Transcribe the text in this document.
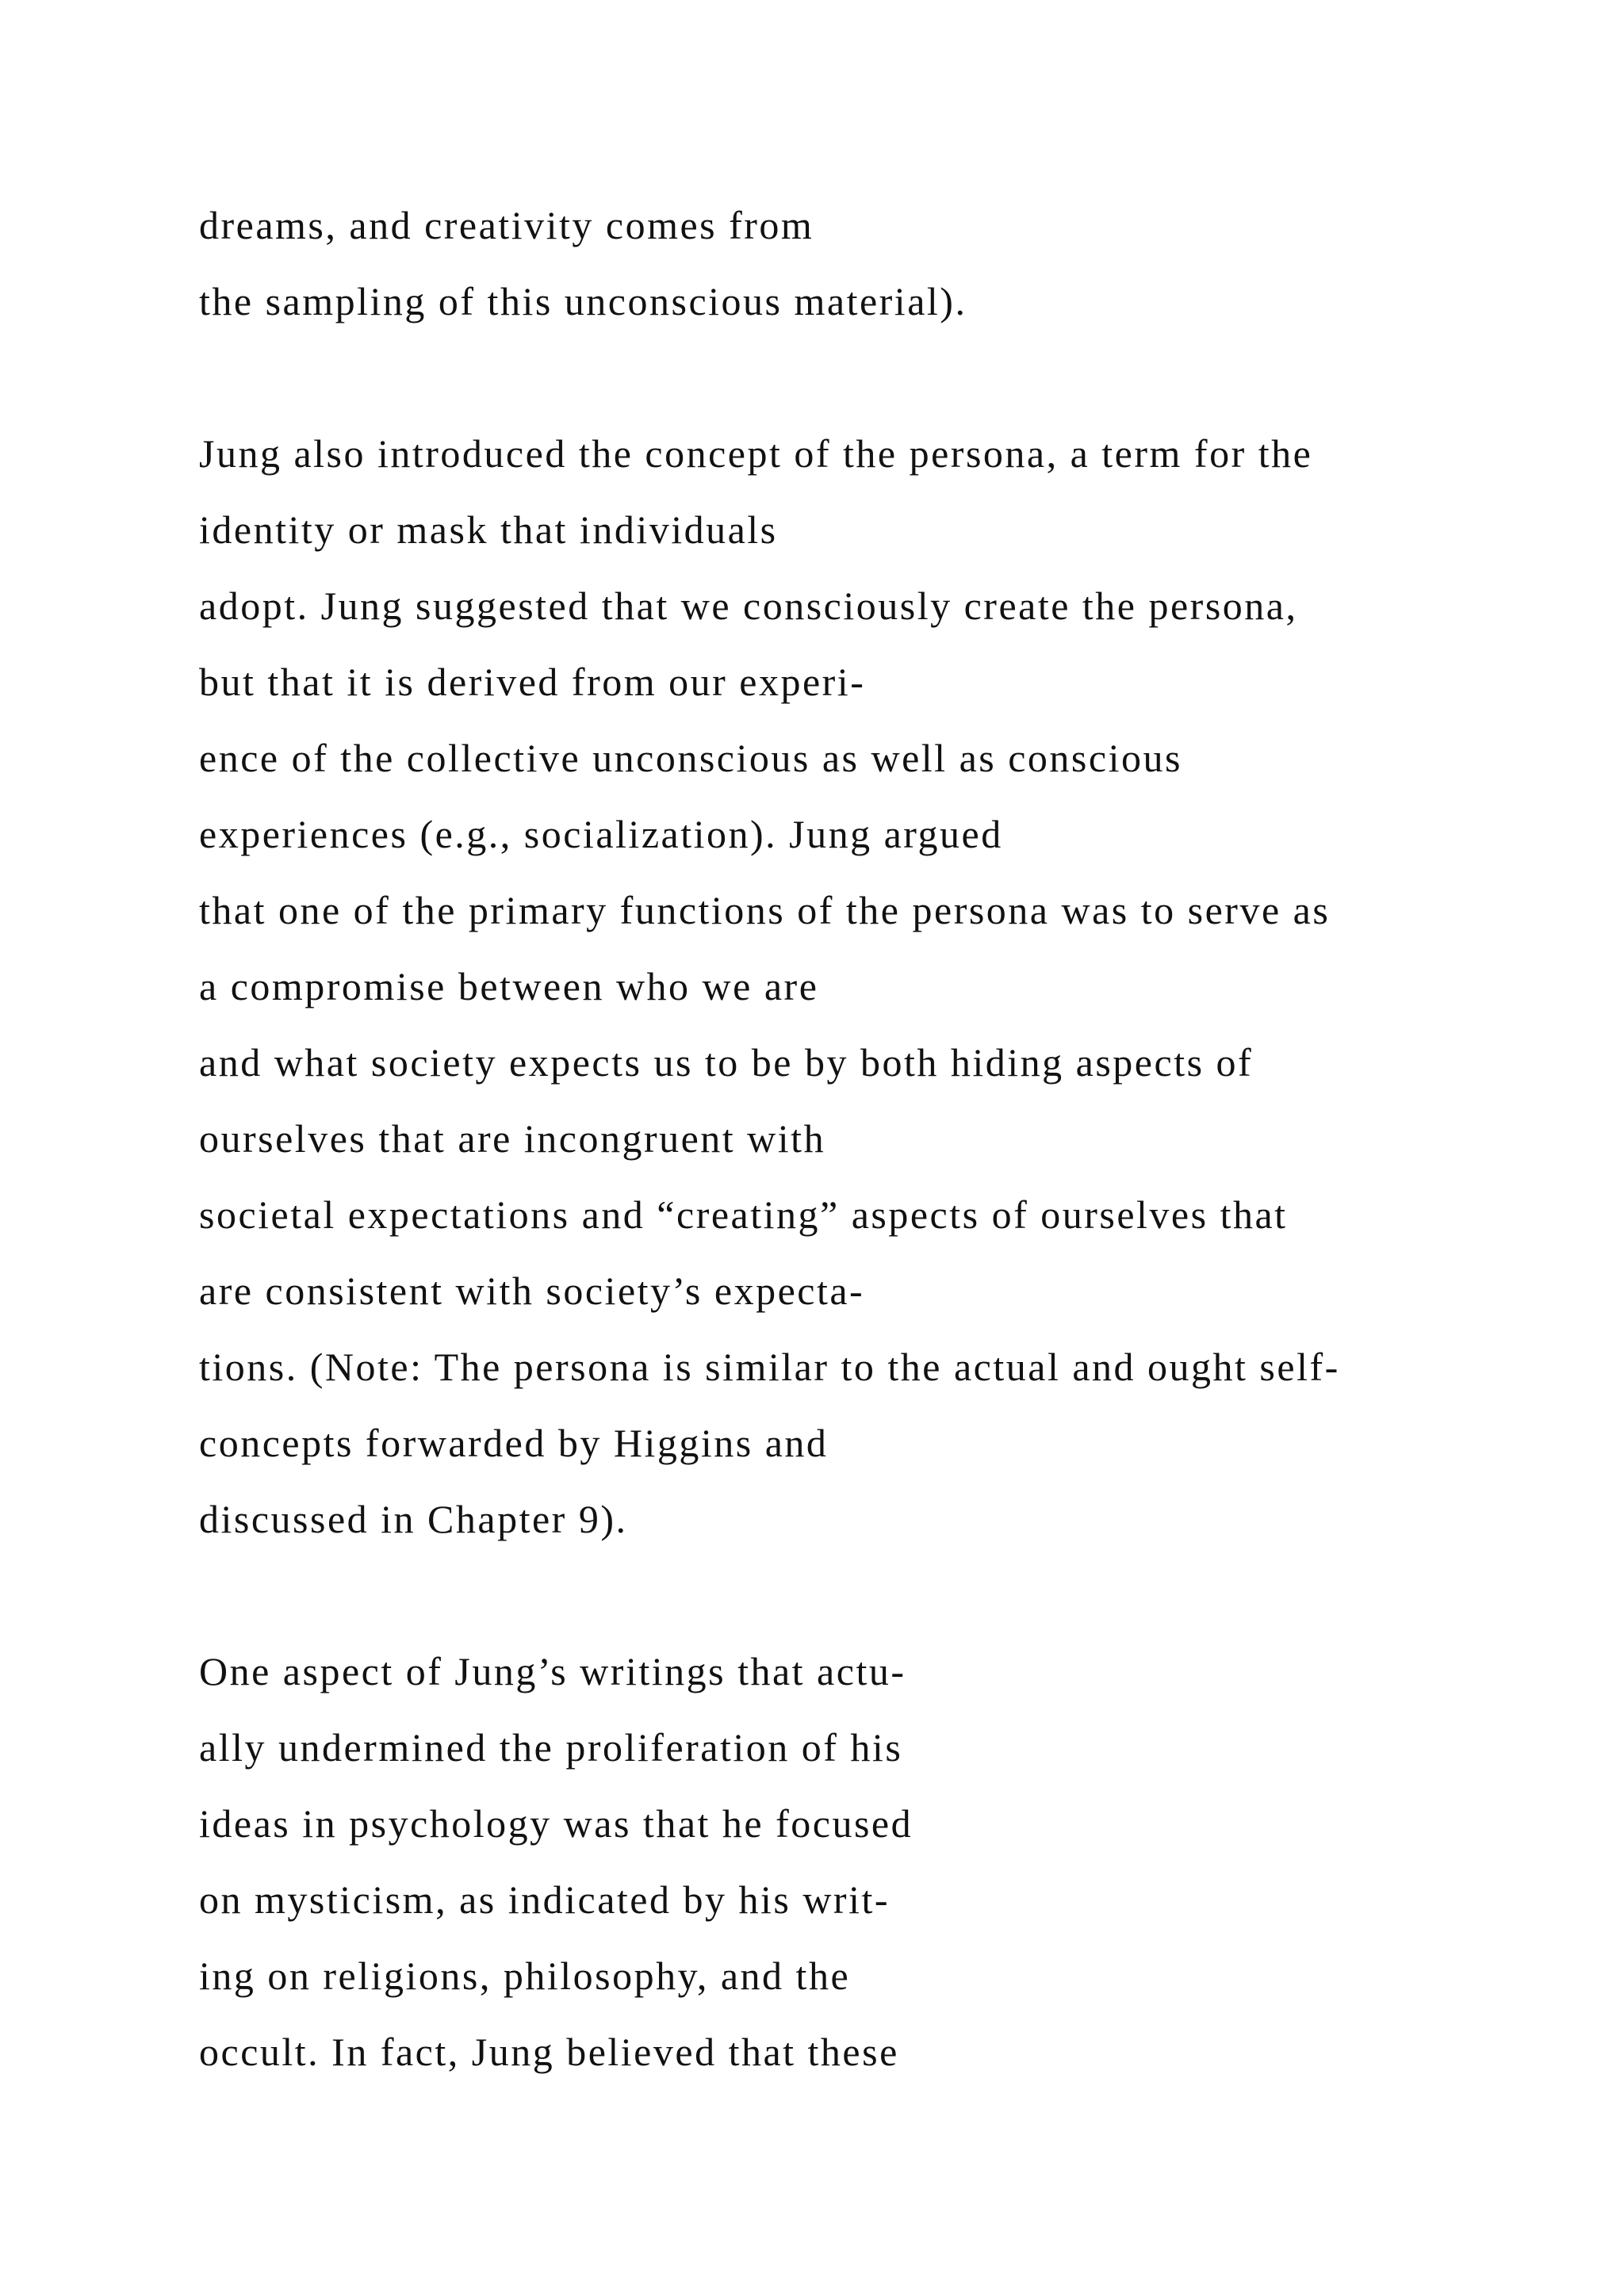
dreams, and creativity comes from
the sampling of this unconscious material).
Jung also introduced the concept of the persona, a term for the
identity or mask that individuals
adopt. Jung suggested that we consciously create the persona,
but that it is derived from our experi-
ence of the collective unconscious as well as conscious
experiences (e.g., socialization). Jung argued
that one of the primary functions of the persona was to serve as
a compromise between who we are
and what society expects us to be by both hiding aspects of
ourselves that are incongruent with
societal expectations and “creating” aspects of ourselves that
are consistent with society’s expecta-
tions. (Note: The persona is similar to the actual and ought self-
concepts forwarded by Higgins and
discussed in Chapter 9).
One aspect of Jung’s writings that actu-
ally undermined the proliferation of his
ideas in psychology was that he focused
on mysticism, as indicated by his writ-
ing on religions, philosophy, and the
occult. In fact, Jung believed that these
